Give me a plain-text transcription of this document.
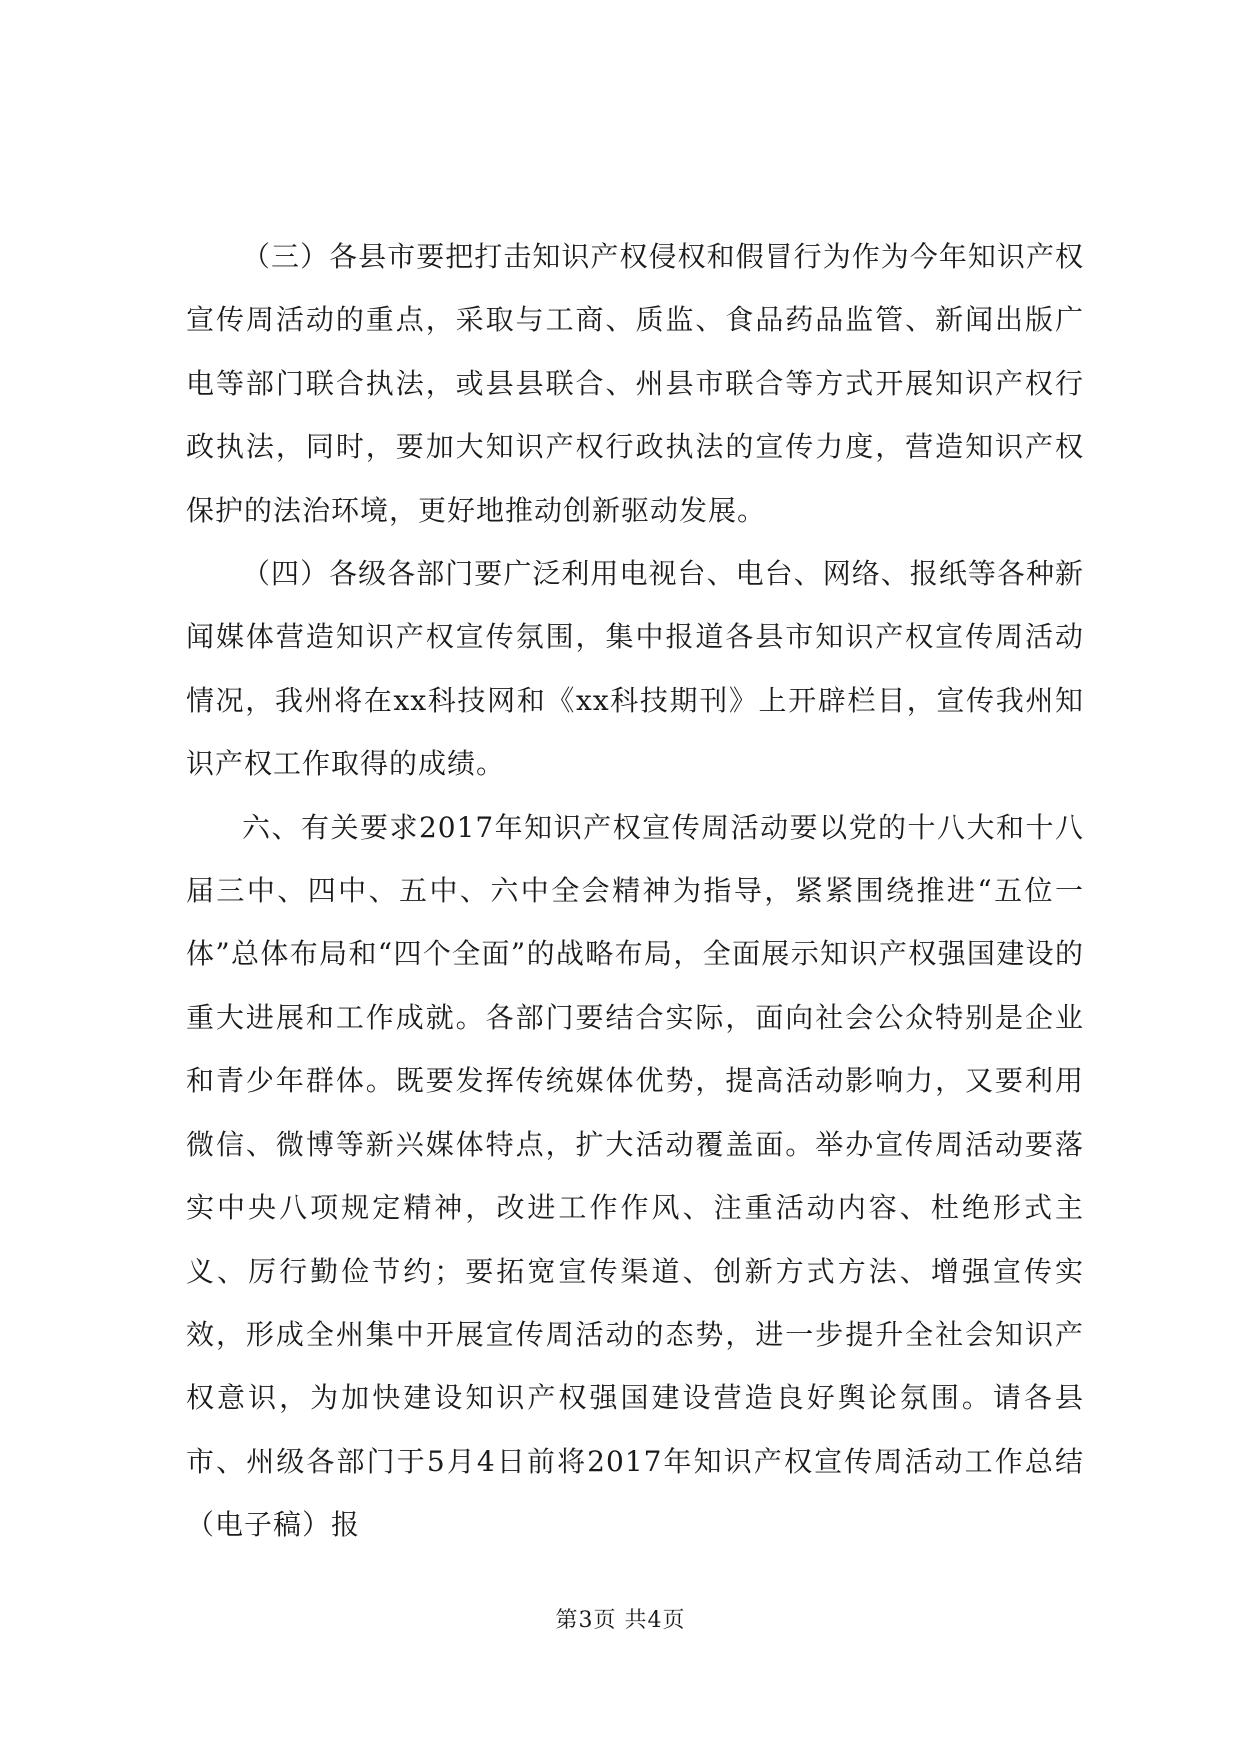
（三）各县市要把打击知识产权侵权和假冒行为作为今年知识产权宣传周活动的重点，采取与工商、质监、食品药品监管、新闻出版广电等部门联合执法，或县县联合、州县市联合等方式开展知识产权行政执法，同时，要加大知识产权行政执法的宣传力度，营造知识产权保护的法治环境，更好地推动创新驱动发展。

（四）各级各部门要广泛利用电视台、电台、网络、报纸等各种新闻媒体营造知识产权宣传氛围，集中报道各县市知识产权宣传周活动情况，我州将在xx科技网和《xx科技期刊》上开辟栏目，宣传我州知识产权工作取得的成绩。

六、有关要求2017年知识产权宣传周活动要以党的十八大和十八届三中、四中、五中、六中全会精神为指导，紧紧围绕推进“五位一体”总体布局和“四个全面”的战略布局，全面展示知识产权强国建设的重大进展和工作成就。各部门要结合实际，面向社会公众特别是企业和青少年群体。既要发挥传统媒体优势，提高活动影响力，又要利用微信、微博等新兴媒体特点，扩大活动覆盖面。举办宣传周活动要落实中央八项规定精神，改进工作作风、注重活动内容、杜绝形式主义、厉行勤俭节约；要拓宽宣传渠道、创新方式方法、增强宣传实效，形成全州集中开展宣传周活动的态势，进一步提升全社会知识产权意识，为加快建设知识产权强国建设营造良好舆论氛围。请各县市、州级各部门于5月4日前将2017年知识产权宣传周活动工作总结（电子稿）报

第3页 共4页
